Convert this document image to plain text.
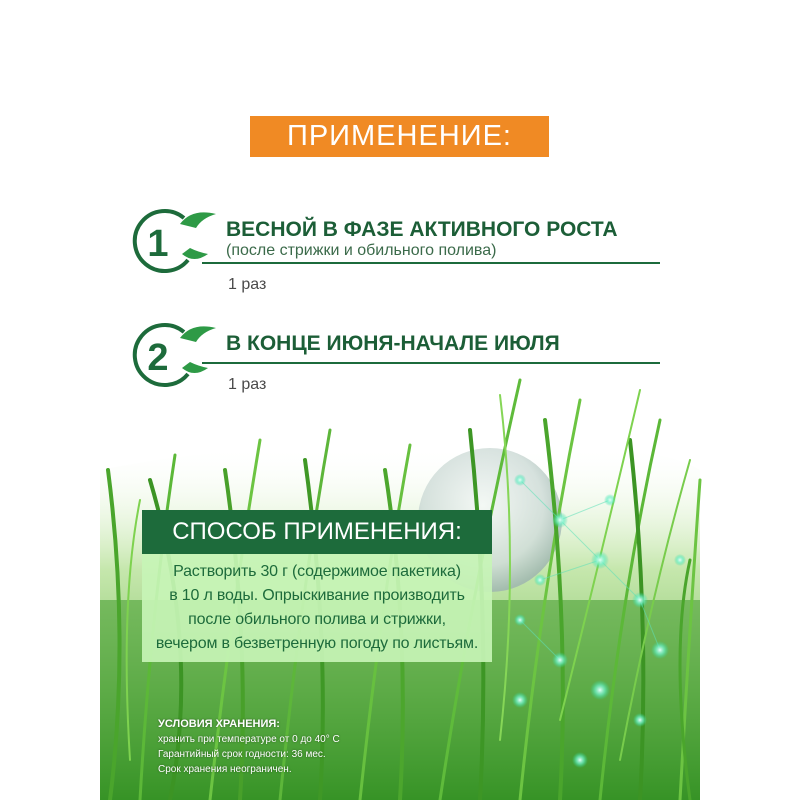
ПРИМЕНЕНИЕ:
1	ВЕСНОЙ В ФАЗЕ АКТИВНОГО РОСТА
(после стрижки и обильного полива)
1 раз
2	В КОНЦЕ ИЮНЯ-НАЧАЛЕ ИЮЛЯ
1 раз
СПОСОБ ПРИМЕНЕНИЯ:
Растворить 30 г (содержимое пакетика)
в 10 л воды. Опрыскивание производить
после обильного полива и стрижки,
вечером в безветренную погоду по листьям.
УСЛОВИЯ ХРАНЕНИЯ:
хранить при температуре от 0 до 40° С
Гарантийный срок годности: 36 мес.
Срок хранения неограничен.
